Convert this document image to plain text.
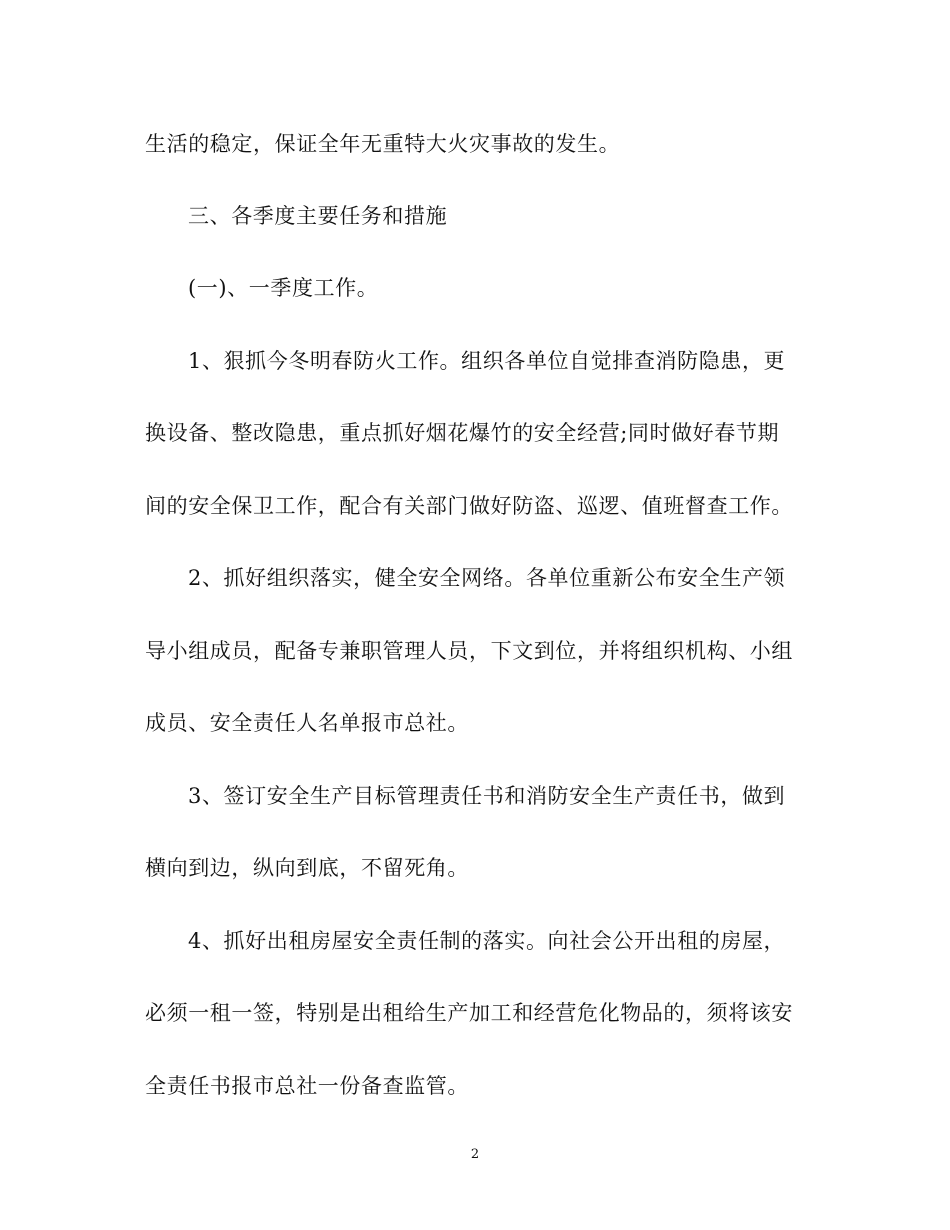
生活的稳定，保证全年无重特大火灾事故的发生。
三、各季度主要任务和措施
(一)、一季度工作。
1、狠抓今冬明春防火工作。组织各单位自觉排查消防隐患，更
换设备、整改隐患，重点抓好烟花爆竹的安全经营;同时做好春节期
间的安全保卫工作，配合有关部门做好防盗、巡逻、值班督查工作。
2、抓好组织落实，健全安全网络。各单位重新公布安全生产领
导小组成员，配备专兼职管理人员，下文到位，并将组织机构、小组
成员、安全责任人名单报市总社。
3、签订安全生产目标管理责任书和消防安全生产责任书，做到
横向到边，纵向到底，不留死角。
4、抓好出租房屋安全责任制的落实。向社会公开出租的房屋，
必须一租一签，特别是出租给生产加工和经营危化物品的，须将该安
全责任书报市总社一份备查监管。
2
